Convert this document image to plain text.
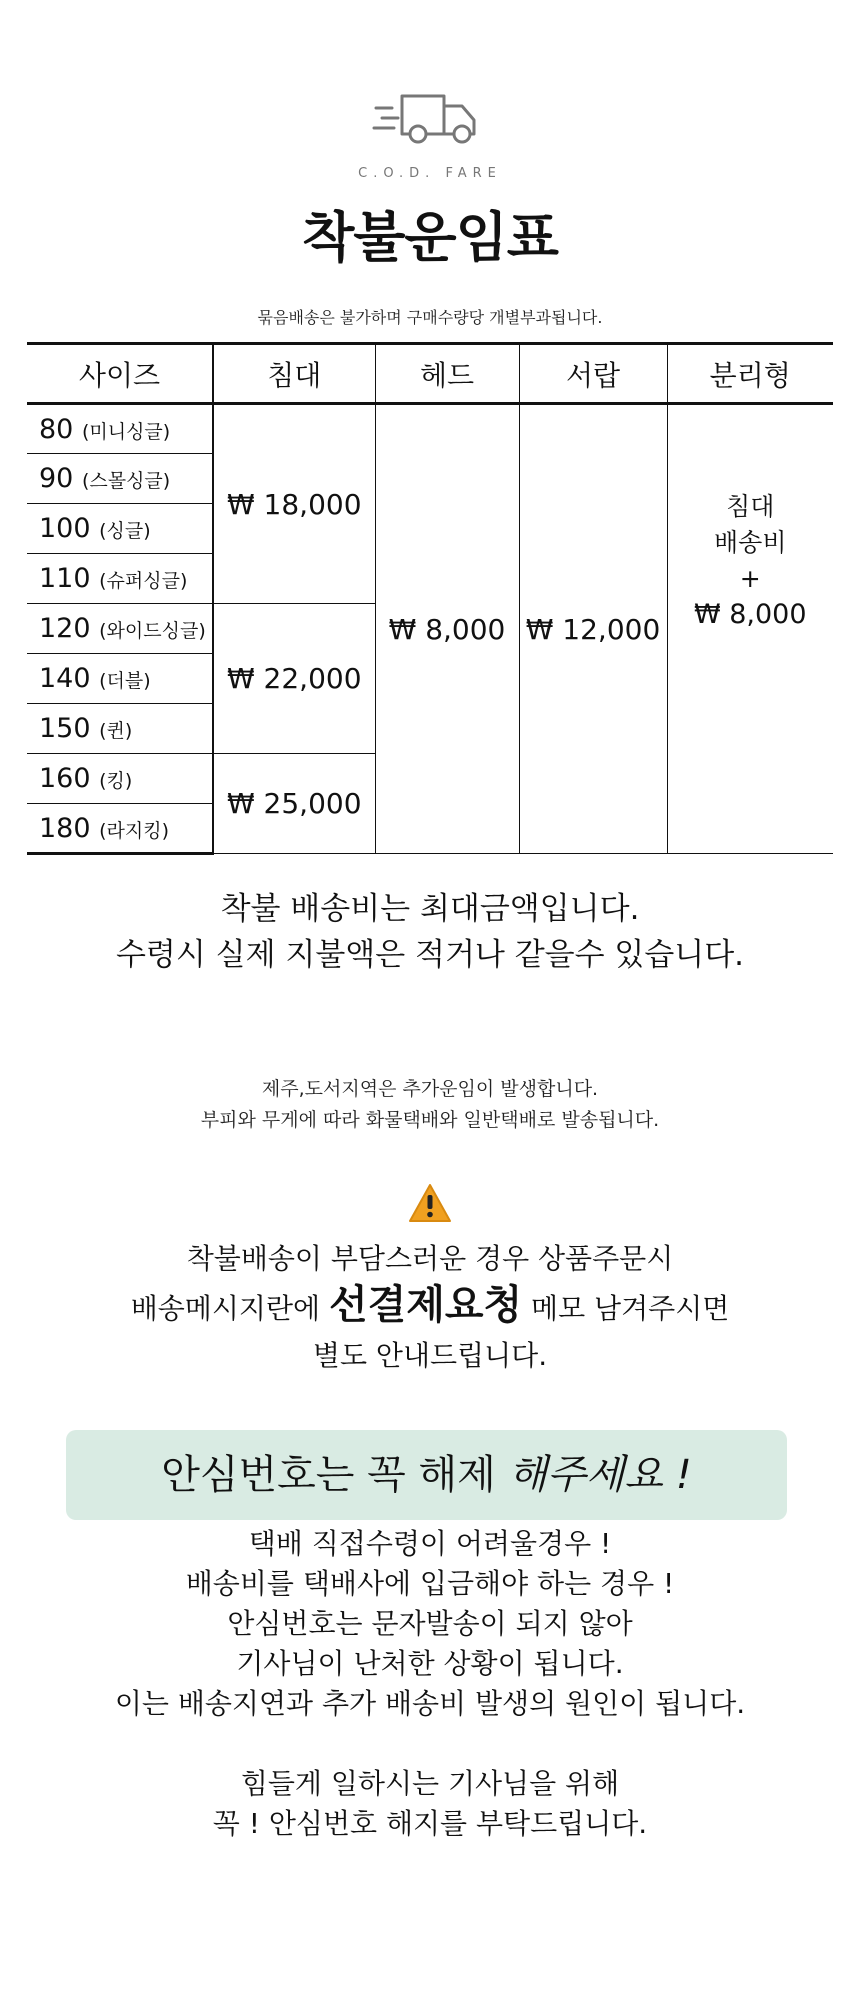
C.O.D. FARE
착불운임표
묶음배송은 불가하며 구매수량당 개별부과됩니다.
사이즈	침대	헤드	서랍	분리형
80 (미니싱글)	₩ 18,000	₩ 8,000	₩ 12,000	침대
배송비
+
₩ 8,000

90 (스몰싱글)				
100 (싱글)				
110 (슈퍼싱글)				
120 (와이드싱글)	₩ 22,000			
140 (더블)				
150 (퀸)				
160 (킹)	₩ 25,000			
180 (라지킹)				
착불 배송비는 최대금액입니다.
수령시 실제 지불액은 적거나 같을수 있습니다.
제주,도서지역은 추가운임이 발생합니다.
부피와 무게에 따라 화물택배와 일반택배로 발송됩니다.
착불배송이 부담스러운 경우 상품주문시
배송메시지란에 선결제요청 메모 남겨주시면
별도 안내드립니다.
안심번호는 꼭 해제 해주세요 !
택배 직접수령이 어려울경우 !
배송비를 택배사에 입금해야 하는 경우 !
안심번호는 문자발송이 되지 않아
기사님이 난처한 상황이 됩니다.
이는 배송지연과 추가 배송비 발생의 원인이 됩니다.
힘들게 일하시는 기사님을 위해
꼭 ! 안심번호 해지를 부탁드립니다.
